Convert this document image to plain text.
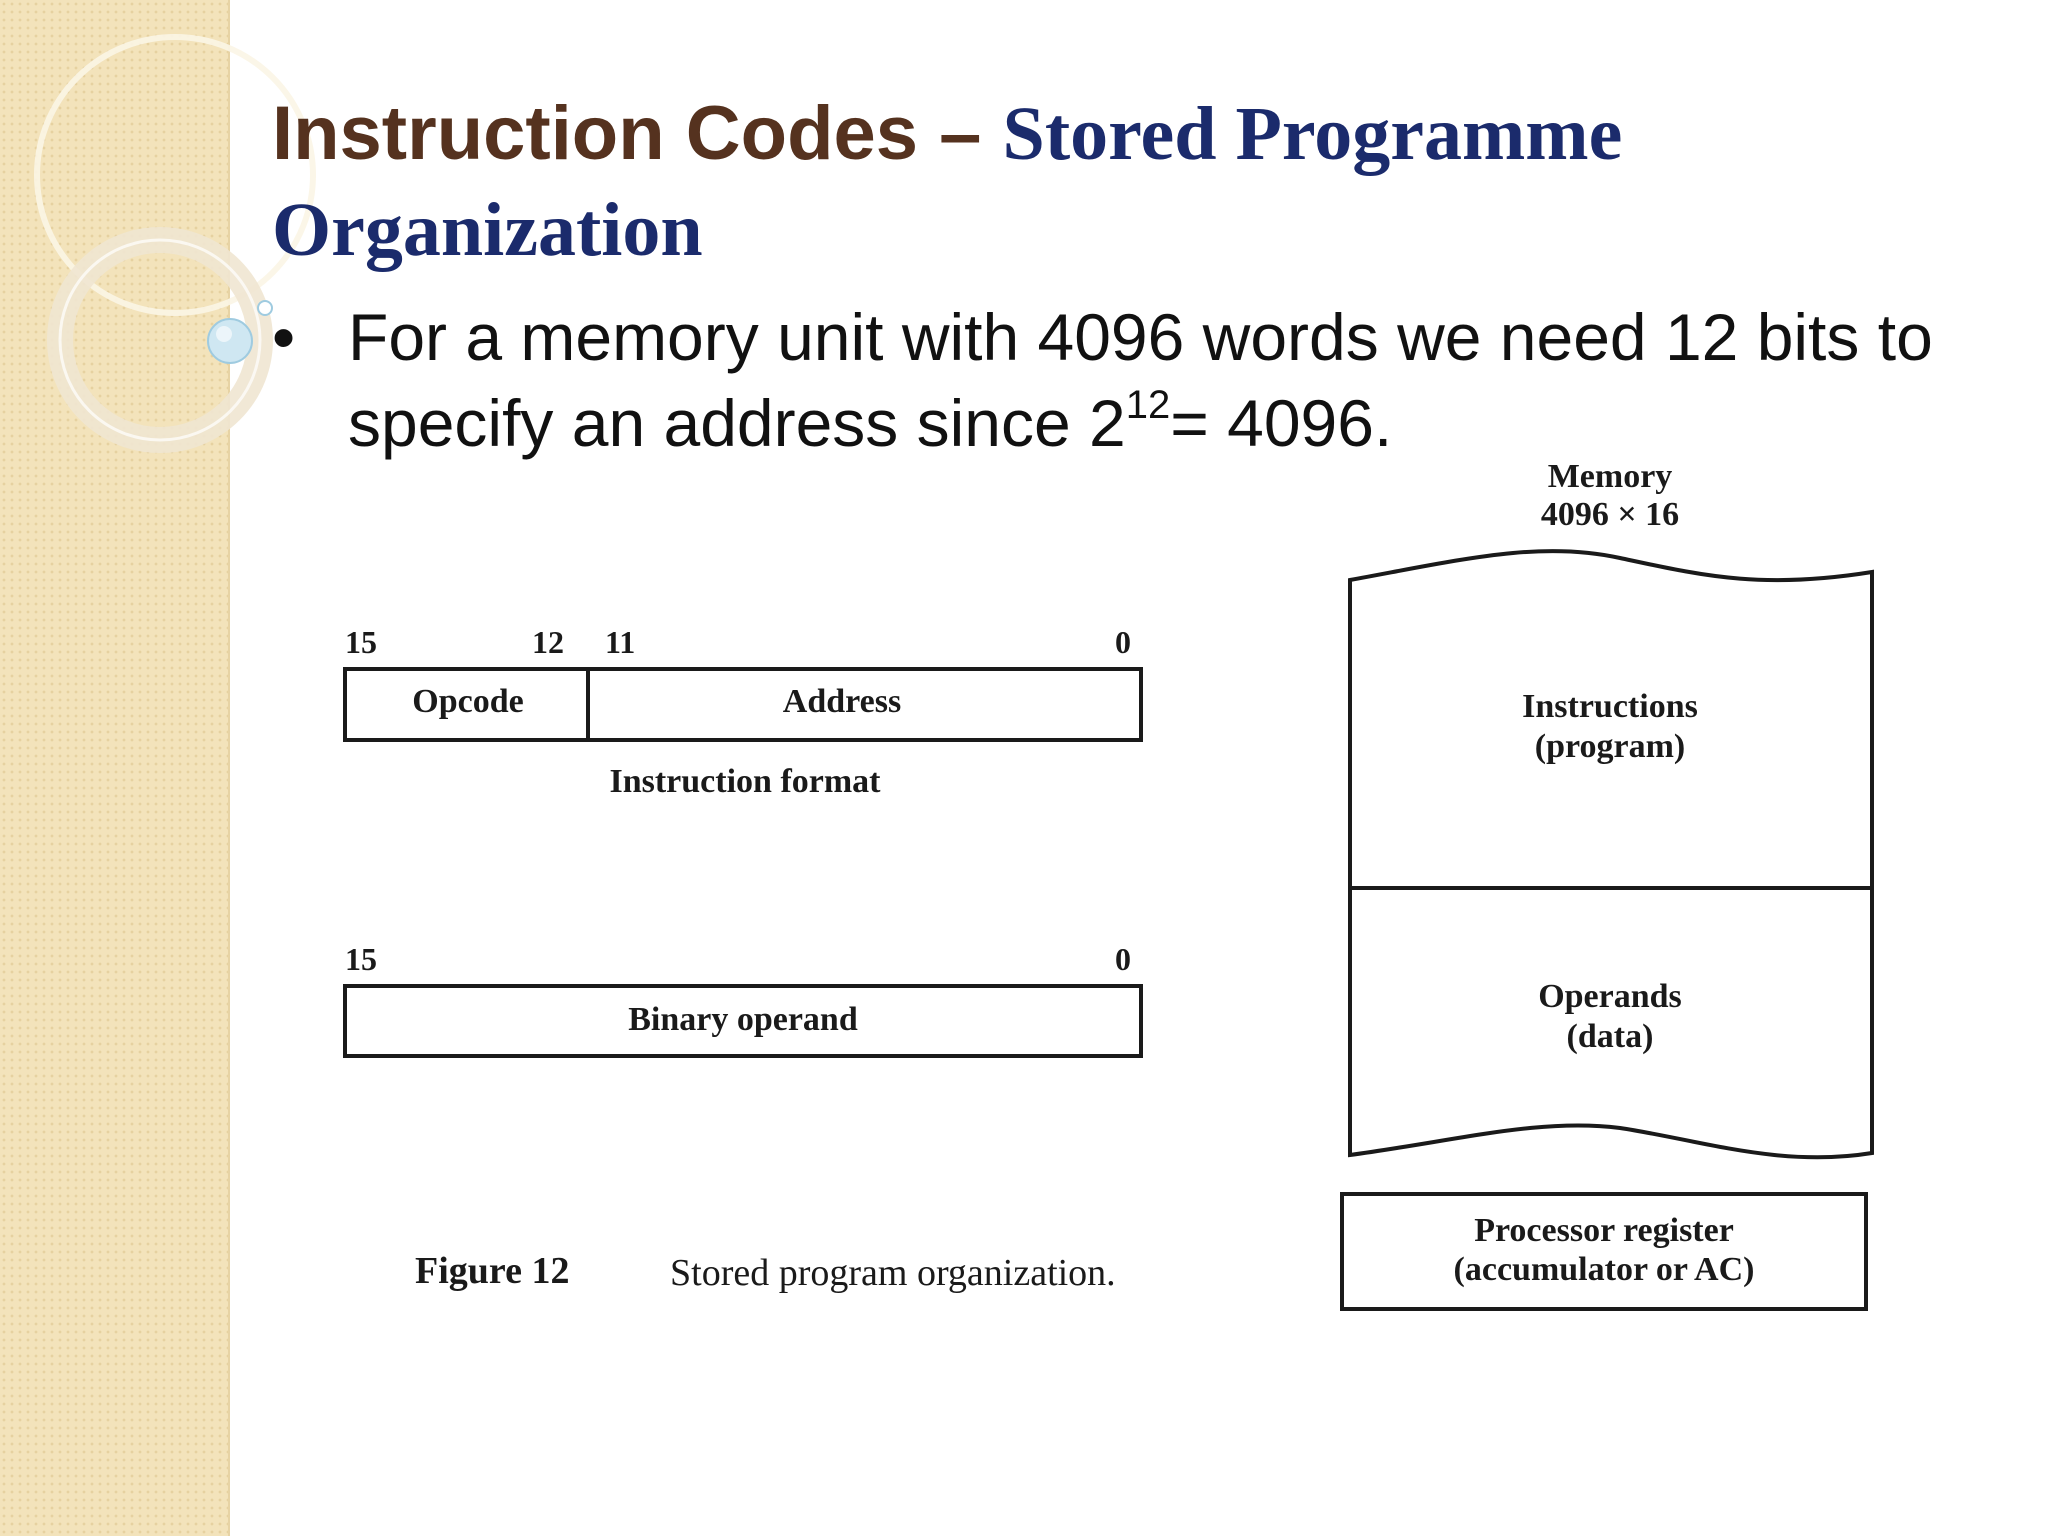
Instruction Codes – Stored Programme Organization
• For a memory unit with 4096 words we need 12 bits to specify an address since $2^{12}= 4096$.
15	12 11	0
Opcode	Address
Instruction format
15	0
Binary operand
Memory
4096 × 16
Instructions
(program)
Operands
(data)
Processor register
(accumulator or AC)
Figure 12	Stored program organization.
